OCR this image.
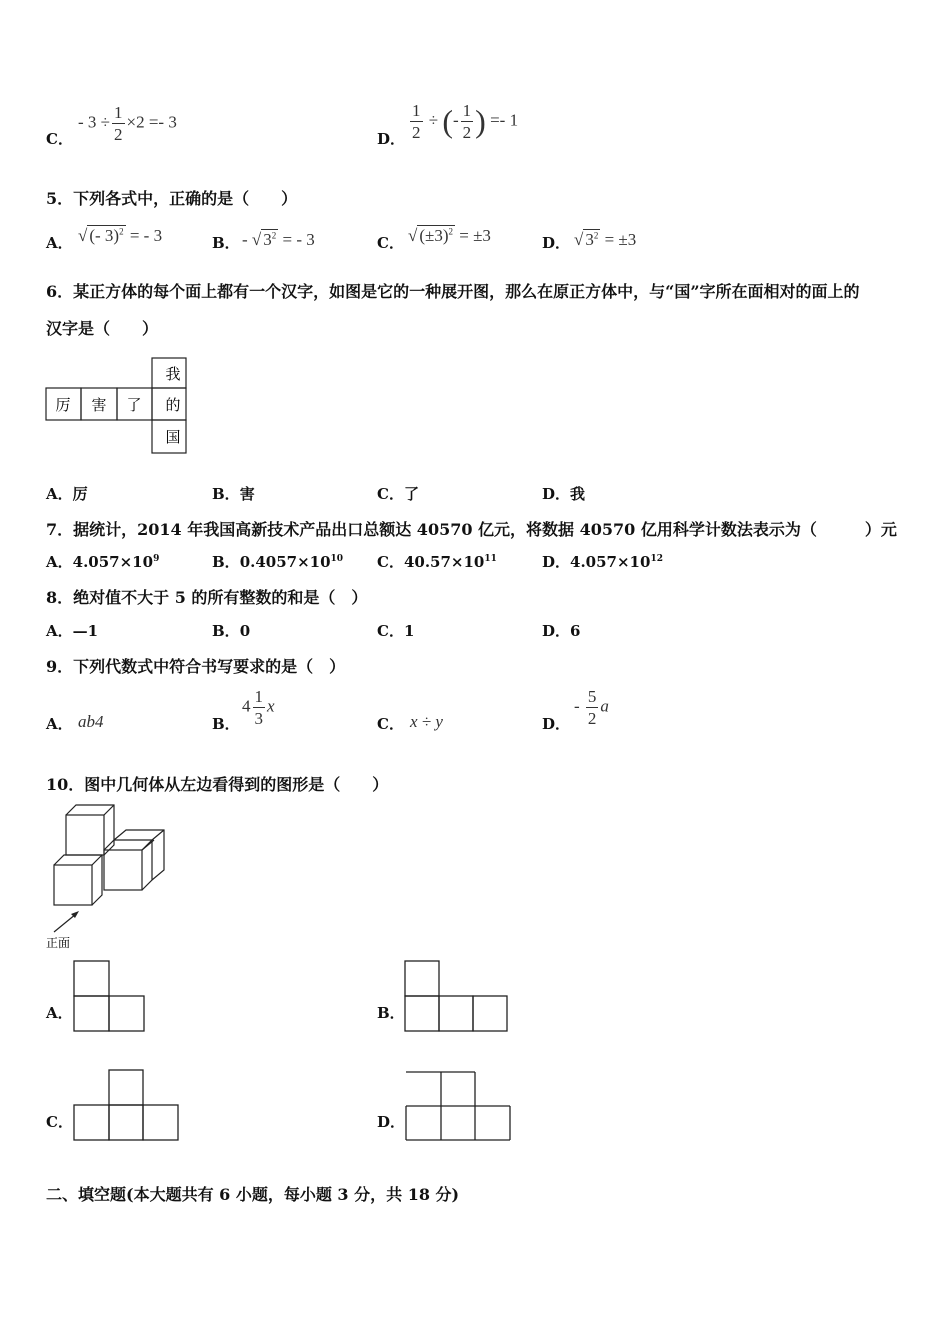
C．
- $3 \div \frac{1}{2} \times 2 =- 3$
D． $\frac{1}{2}$ ÷ (- $\frac{1}{2}$ ) =- 1
5．下列各式中，正确的是（　　）
A． √ (- 3)$^2$ = - 3	B． - √ $3^2$ = - 3	C． √ $(\pm 3)^2 = \pm 3$	D． √ $3^2 = \pm 3$
6．某正方体的每个面上都有一个汉字，如图是它的一种展开图，那么在原正方体中，与“国”字所在面相对的面上的
汉字是（　　）
厉 害 了
我
的
国
A．厉	B．害	C．了	D．我
7．据统计，2014 年我国高新技术产品出口总额达 40570 亿元，将数据 40570 亿用科学计数法表示为（　　　）元
A．$4.057\times 10^9$	B．$0.4057\times 10^{10}$ C．$40.57\times 10^{11}$	D．$4.057\times 10^{12}$
8．绝对值不大于 5 的所有整数的和是（　）
A．—1	B．0	C．1	D．6
9．下列代数式中符合书写要求的是（　）
A． ab4	B．
$4 \frac{1}{3}$ x
C． x ÷ y	D．
- $\frac{5}{2}$ a
10．图中几何体从左边看得到的图形是（　　）
正面
A．	B．
C．	D．
二、填空题(本大题共有 6 小题，每小题 3 分，共 18 分)
